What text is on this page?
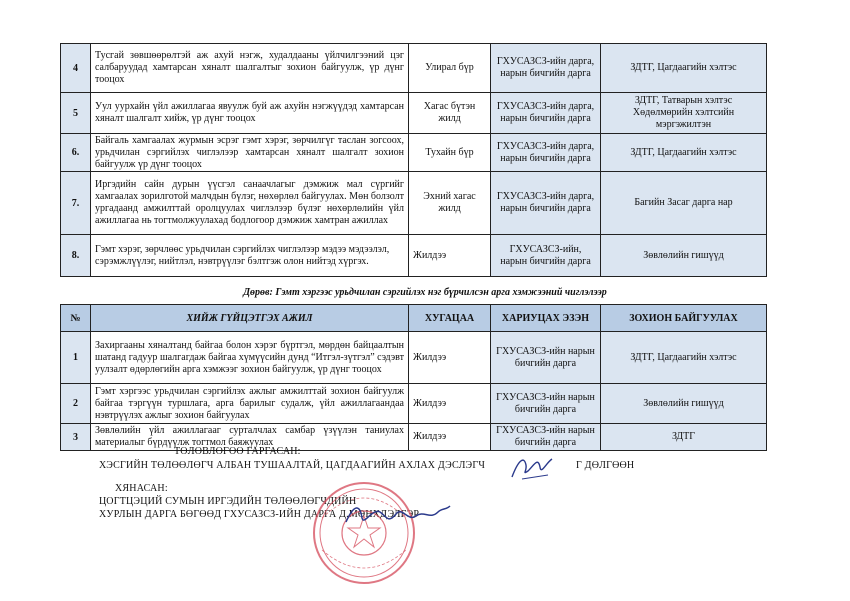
4	Тусгай зөвшөөрөлтэй аж ахуй нэгж, худалдааны үйлчилгээний цэг салбаруудад хамтарсан хяналт шалгалтыг зохион байгуулж, үр дүнг тооцох	Улирал бүр	ГХУСАЗСЗ-ийн дарга, нарын бичгийн дарга	ЗДТГ, Цагдаагийн хэлтэс
5	Уул уурхайн үйл ажиллагаа явуулж буй аж ахуйн нэгжүүдэд хамтарсан хяналт шалгалт хийж, үр дүнг тооцох	Хагас бүтэн жилд	ГХУСАЗСЗ-ийн дарга, нарын бичгийн дарга	ЗДТГ, Татварын хэлтэс Хөдөлмөрийн хэлтсийн мэргэжилтэн
6.	Байгаль хамгаалах журмын эсрэг гэмт хэрэг, зөрчилгүг таслан зогсоох, урьдчилан сэргийлэх чиглэлээр хамтарсан хяналт шалгалт зохион байгуулж үр дүнг тооцох	Тухайн бүр	ГХУСАЗСЗ-ийн дарга, нарын бичгийн дарга	ЗДТГ, Цагдаагийн хэлтэс
7.	Иргэдийн сайн дурын үүсгэл санаачлагыг дэмжиж мал сүргийг хамгаалах зорилготой малчдын бүлэг, нөхөрлөл байгуулах. Мөн болзолт ургадаанд амжилттай оролцуулах чиглэлээр бүлэг нөхөрлөлийн үйл ажиллагаа нь тогтмолжуулахад бодлогоор дэмжиж хамтран ажиллах	Эхний хагас жилд	ГХУСАЗСЗ-ийн дарга, нарын бичгийн дарга	Багийн Засаг дарга нар
8.	Гэмт хэрэг, зөрчлөөс урьдчилан сэргийлэх чиглэлээр мэдээ мэдээлэл, сэрэмжлүүлэг, нийтлэл, нэвтрүүлэг бэлтгэж олон нийтэд хүргэх.	Жилдээ	ГХУСАЗСЗ-ийн, нарын бичгийн дарга	Зөвлөлийн гишүүд
Дөрөв: Гэмт хэргээс урьдчилан сэргийлэх нэг бүрчилсэн арга хэмжээний чиглэлээр
№	ХИЙЖ ГҮЙЦЭТГЭХ АЖИЛ	ХУГАЦАА	ХАРИУЦАХ ЭЗЭН	ЗОХИОН БАЙГУУЛАХ
1	Захиргааны хяналтанд байгаа болон хэрэг бүртгэл, мөрдөн байцаалтын шатанд гадуур шалгагдаж байгаа хүмүүсийн дунд “Итгэл-зүтгэл” сэдэвт уулзалт өдөрлөгийн арга хэмжээг зохион байгуулж, үр дүнг тооцох	Жилдээ	ГХУСАЗСЗ-ийн нарын бичгийн дарга	ЗДТГ, Цагдаагийн хэлтэс
2	Гэмт хэргээс урьдчилан сэргийлэх ажлыг амжилттай зохион байгуулж байгаа тэргүүн туршлага, арга барилыг судалж, үйл ажиллагаандаа нэвтрүүлэх ажлыг зохион байгуулах	Жилдээ	ГХУСАЗСЗ-ийн нарын бичгийн дарга	Зөвлөлийн гишүүд
3	Зөвлөлийн үйл ажиллагааг сурталчлах самбар үзүүлэн таниулах материалыг бүрдүүлж тогтмол баяжуулах	Жилдээ	ГХУСАЗСЗ-ийн нарын бичгийн дарга	ЗДТГ
ТӨЛӨВЛӨГӨӨ ГАРГАСАН:
ХЭСГИЙН ТӨЛӨӨЛӨГЧ АЛБАН ТУШААЛТАЙ, ЦАГДААГИЙН АХЛАХ ДЭСЛЭГЧ	Г ДӨЛГӨӨН
ХЯНАСАН:
ЦОГТЦЭЦИЙ СУМЫН ИРГЭДИЙН ТӨЛӨӨЛӨГЧДИЙН
ХУРЛЫН ДАРГА БӨГӨӨД ГХУСАЗСЗ-ИЙН ДАРГА Д.МӨНХДЭЛГЭР
